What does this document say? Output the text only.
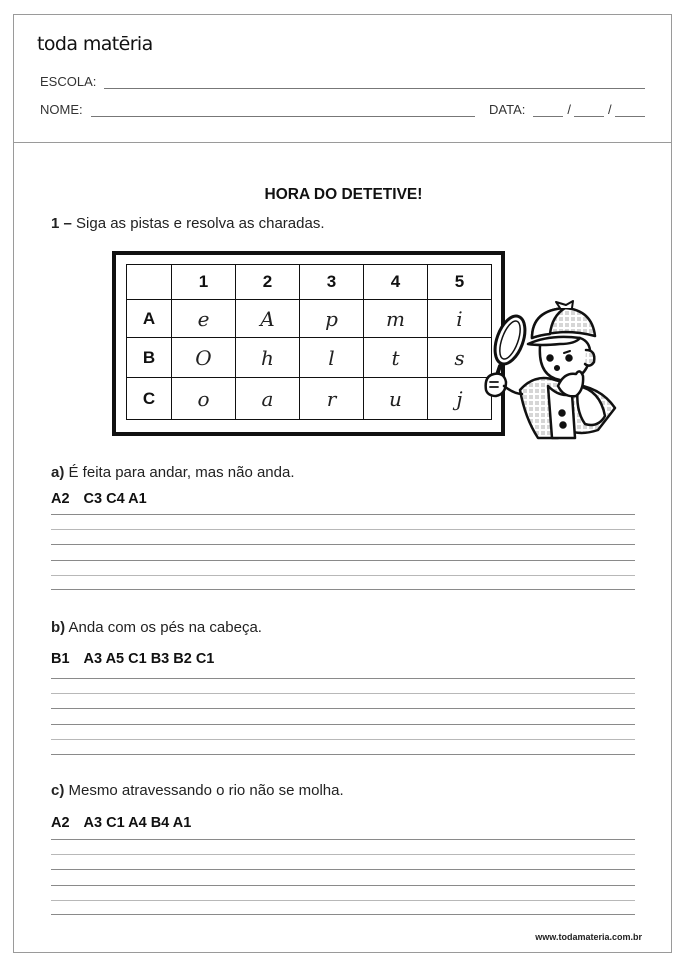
toda matēria
ESCOLA:
NOME:	DATA:	/	/
HORA DO DETETIVE!
1 – Siga as pistas e resolva as charadas.
	1	2	3	4	5
A	e	A	p	m	i
B	O	h	l	t	s
C	o	a	r	u	j
a) É feita para andar, mas não anda.
A2 C3 C4 A1
b) Anda com os pés na cabeça.
B1 A3 A5 C1 B3 B2 C1
c) Mesmo atravessando o rio não se molha.
A2 A3 C1 A4 B4 A1
www.todamateria.com.br
